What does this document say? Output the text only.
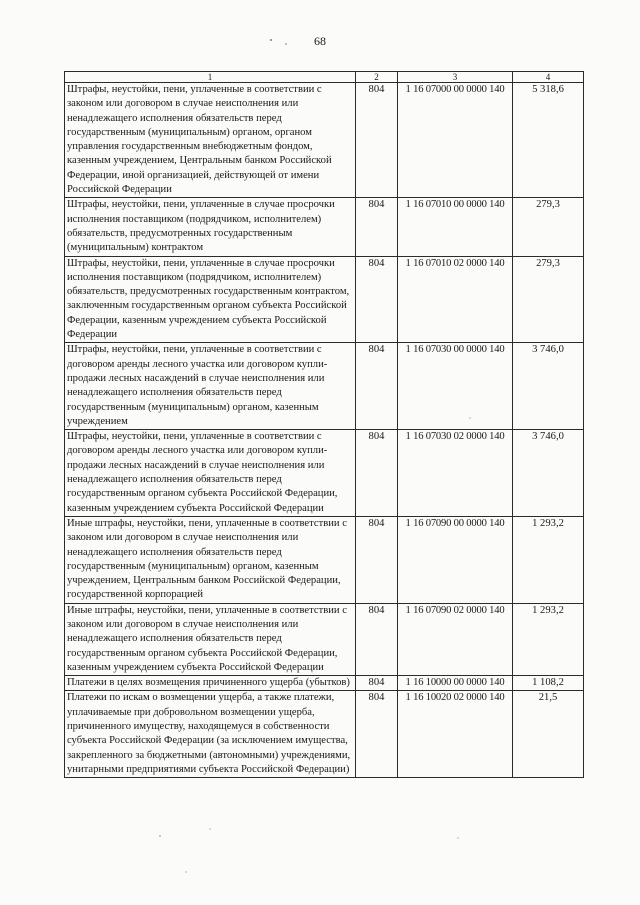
68
1	2	3	4
Штрафы, неустойки, пени, уплаченные в соответствии с законом или договором в случае неисполнения или ненадлежащего исполнения обязательств перед государственным (муниципальным) органом, органом управления государственным внебюджетным фондом, казенным учреждением, Центральным банком Российской Федерации, иной организацией, действующей от имени Российской Федерации	804	1 16 07000 00 0000 140	5 318,6
Штрафы, неустойки, пени, уплаченные в случае просрочки исполнения поставщиком (подрядчиком, исполнителем) обязательств, предусмотренных государственным (муниципальным) контрактом	804	1 16 07010 00 0000 140	279,3
Штрафы, неустойки, пени, уплаченные в случае просрочки исполнения поставщиком (подрядчиком, исполнителем) обязательств, предусмотренных государственным контрактом, заключенным государственным органом субъекта Российской Федерации, казенным учреждением субъекта Российской Федерации	804	1 16 07010 02 0000 140	279,3
Штрафы, неустойки, пени, уплаченные в соответствии с договором аренды лесного участка или договором купли-продажи лесных насаждений в случае неисполнения или ненадлежащего исполнения обязательств перед государственным (муниципальным) органом, казенным учреждением	804	1 16 07030 00 0000 140	3 746,0
Штрафы, неустойки, пени, уплаченные в соответствии с договором аренды лесного участка или договором купли-продажи лесных насаждений в случае неисполнения или ненадлежащего исполнения обязательств перед государственным органом субъекта Российской Федерации, казенным учреждением субъекта Российской Федерации	804	1 16 07030 02 0000 140	3 746,0
Иные штрафы, неустойки, пени, уплаченные в соответствии с законом или договором в случае неисполнения или ненадлежащего исполнения обязательств перед государственным (муниципальным) органом, казенным учреждением, Центральным банком Российской Федерации, государственной корпорацией	804	1 16 07090 00 0000 140	1 293,2
Иные штрафы, неустойки, пени, уплаченные в соответствии с законом или договором в случае неисполнения или ненадлежащего исполнения обязательств перед государственным органом субъекта Российской Федерации, казенным учреждением субъекта Российской Федерации	804	1 16 07090 02 0000 140	1 293,2
Платежи в целях возмещения причиненного ущерба (убытков)	804	1 16 10000 00 0000 140	1 108,2
Платежи по искам о возмещении ущерба, а также платежи, уплачиваемые при добровольном возмещении ущерба, причиненного имуществу, находящемуся в собственности субъекта Российской Федерации (за исключением имущества, закрепленного за бюджетными (автономными) учреждениями, унитарными предприятиями субъекта Российской Федерации)	804	1 16 10020 02 0000 140	21,5
